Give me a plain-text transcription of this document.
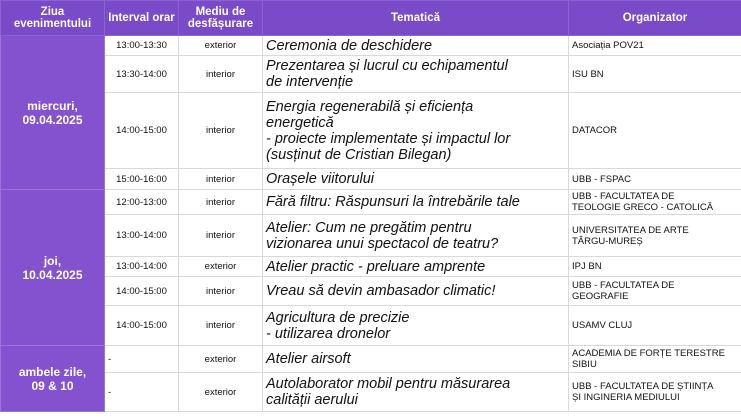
Ziua evenimentului	Interval orar	Mediu de desfășurare	Tematică	Organizator
miercuri,
09.04.2025	13:00-13:30	exterior	Ceremonia de deschidere	Asociația POV21
	13:30-14:00	interior	Prezentarea și lucrul cu echipamentul
de intervenție	ISU BN
	14:00-15:00	interior	Energia regenerabilă și eficiența
energetică
- proiecte implementate și impactul lor
(susținut de Cristian Bilegan)	DATACOR
	15:00-16:00	interior	Orașele viitorului	UBB - FSPAC
joi,
10.04.2025	12:00-13:00	interior	Fără filtru: Răspunsuri la întrebările tale	UBB - FACULTATEA DE
TEOLOGIE GRECO - CATOLICĂ
	13:00-14:00	interior	Atelier: Cum ne pregătim pentru
vizionarea unui spectacol de teatru?	UNIVERSITATEA DE ARTE
TÂRGU-MUREȘ
	13:00-14:00	exterior	Atelier practic - preluare amprente	IPJ BN
	14:00-15:00	interior	Vreau să devin ambasador climatic!	UBB - FACULTATEA DE
GEOGRAFIE
	14:00-15:00	interior	Agricultura de precizie
- utilizarea dronelor	USAMV CLUJ
ambele zile,
09 & 10	-	exterior	Atelier airsoft	ACADEMIA DE FORȚE TERESTRE
SIBIU
	-	exterior	Autolaborator mobil pentru măsurarea
calității aerului	UBB - FACULTATEA DE ȘTIINȚA
ȘI INGINERIA MEDIULUI
